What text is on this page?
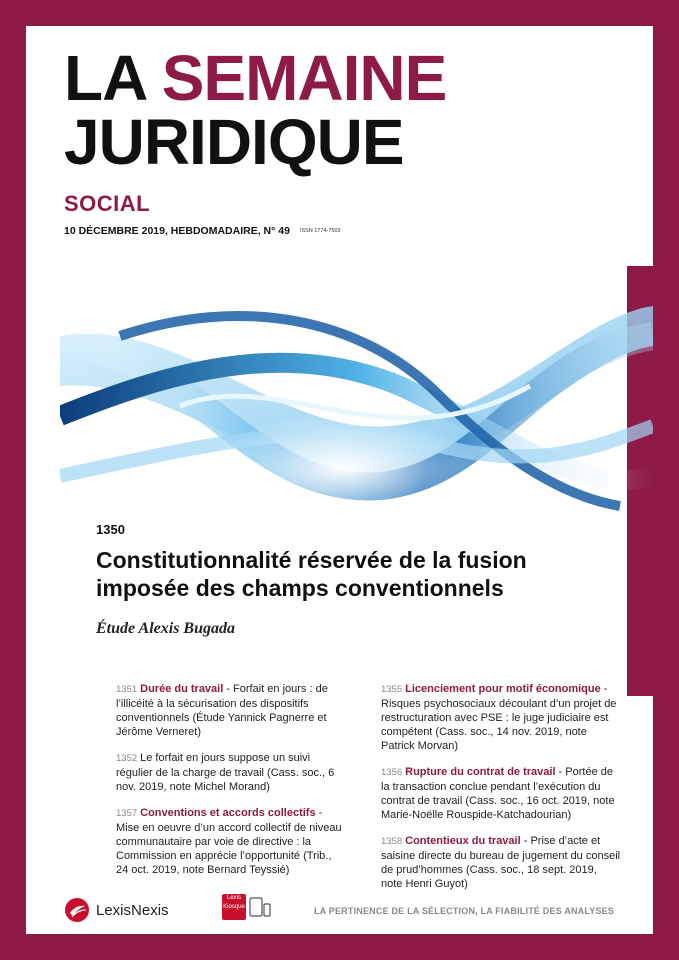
LA SEMAINE
JURIDIQUE
SOCIAL
10 DÉCEMBRE 2019, HEBDOMADAIRE, N° 49 ISSN 1774-7503
1350
Constitutionnalité réservée de la fusion imposée des champs conventionnels
Étude Alexis Bugada
1351 Durée du travail - Forfait en jours : de l’illicéité à la sécurisation des dispositifs conventionnels (Étude Yannick Pagnerre et Jérôme Verneret)
1352 Le forfait en jours suppose un suivi régulier de la charge de travail (Cass. soc., 6 nov. 2019, note Michel Morand)
1357 Conventions et accords collectifs - Mise en oeuvre d’un accord collectif de niveau communautaire par voie de directive : la Commission en apprécie l’opportunité (Trib., 24 oct. 2019, note Bernard Teyssié)
1355 Licenciement pour motif économique - Risques psychosociaux découlant d’un projet de restructuration avec PSE : le juge judiciaire est compétent (Cass. soc., 14 nov. 2019, note Patrick Morvan)
1356 Rupture du contrat de travail - Portée de la transaction conclue pendant l’exécution du contrat de travail (Cass. soc., 16 oct. 2019, note Marie-Noëlle Rouspide-Katchadourian)
1358 Contentieux du travail - Prise d’acte et saisine directe du bureau de jugement du conseil de prud’hommes (Cass. soc., 18 sept. 2019, note Henri Guyot)
LexisNexis
Lexis Kiosque	LA PERTINENCE DE LA SÉLECTION, LA FIABILITÉ DES ANALYSES
